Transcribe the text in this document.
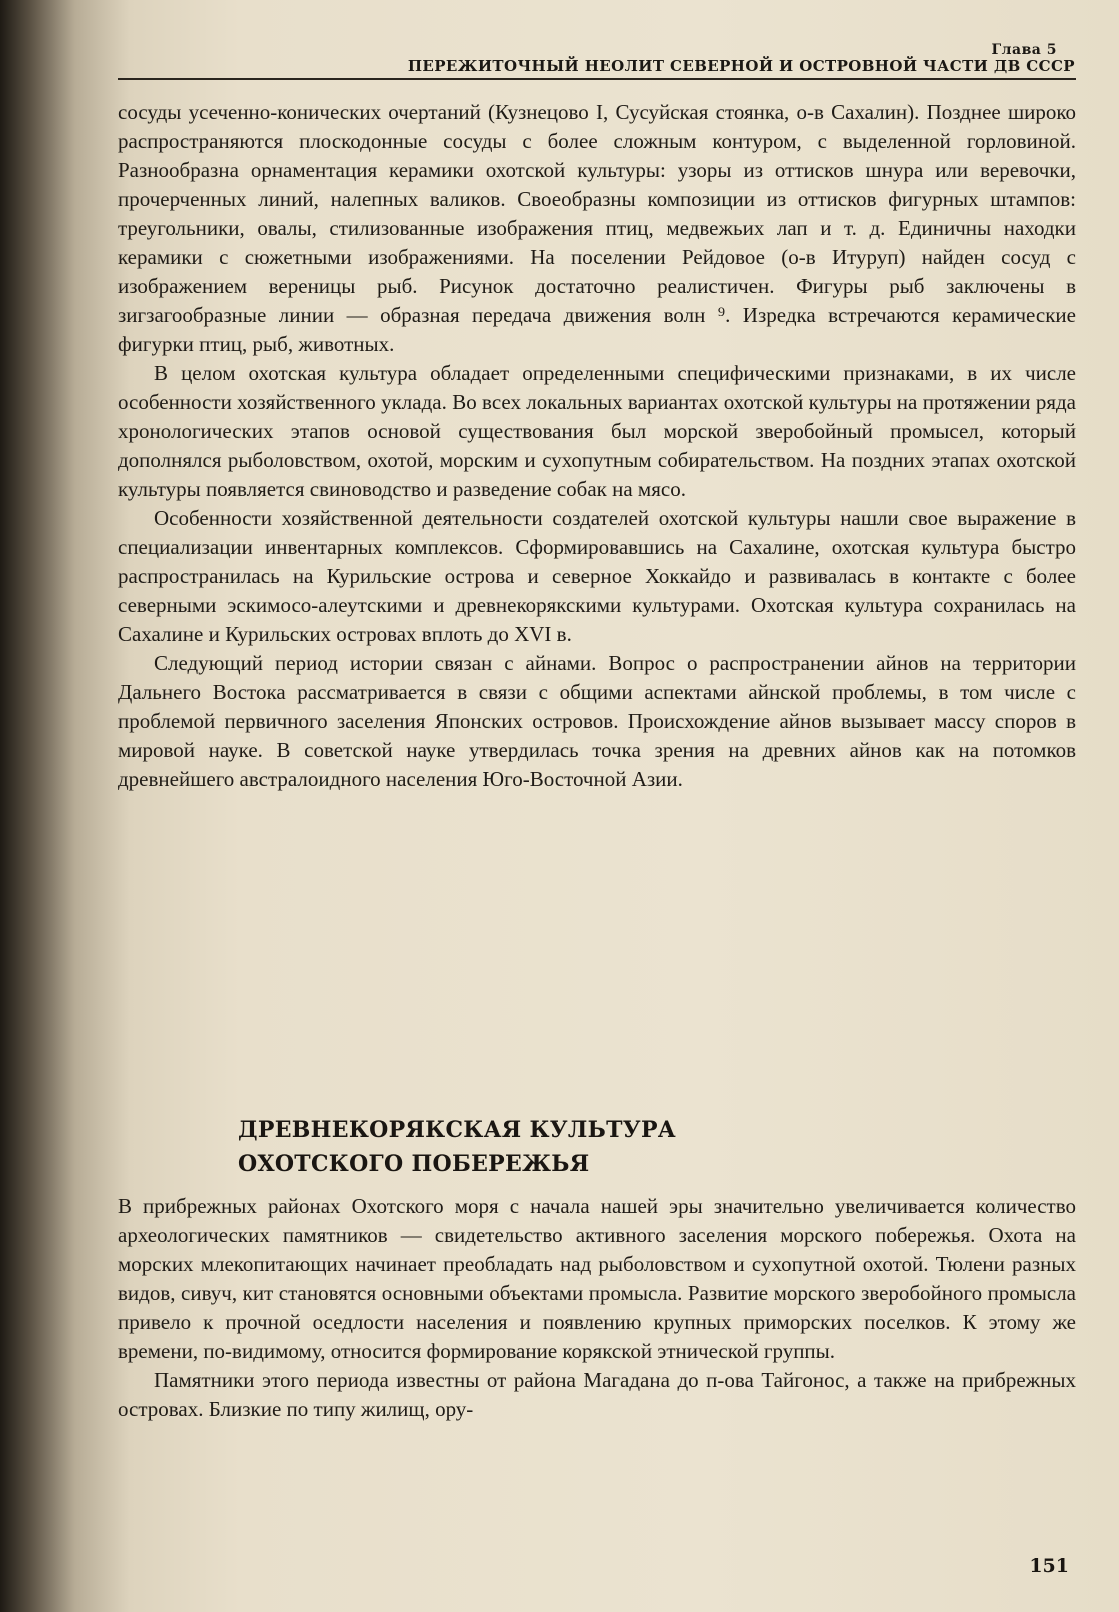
Глава 5
ПЕРЕЖИТОЧНЫЙ НЕОЛИТ СЕВЕРНОЙ И ОСТРОВНОЙ ЧАСТИ ДВ СССР

сосуды усеченно-конических очертаний (Кузнецово I, Сусуйская стоянка, о-в Сахалин). Позднее широко распространяются плоскодонные сосуды с более сложным контуром, с выделенной горловиной. Разнообразна орнаментация керамики охотской культуры: узоры из оттисков шнура или веревочки, прочерченных линий, налепных валиков. Своеобразны композиции из оттисков фигурных штампов: треугольники, овалы, стилизованные изображения птиц, медвежьих лап и т. д. Единичны находки керамики с сюжетными изображениями. На поселении Рейдовое (о-в Итуруп) найден сосуд с изображением вереницы рыб. Рисунок достаточно реалистичен. Фигуры рыб заключены в зигзагообразные линии — образная передача движения волн ⁹. Изредка встречаются керамические фигурки птиц, рыб, животных.

В целом охотская культура обладает определенными специфическими признаками, в их числе особенности хозяйственного уклада. Во всех локальных вариантах охотской культуры на протяжении ряда хронологических этапов основой существования был морской зверобойный промысел, который дополнялся рыболовством, охотой, морским и сухопутным собирательством. На поздних этапах охотской культуры появляется свиноводство и разведение собак на мясо.

Особенности хозяйственной деятельности создателей охотской культуры нашли свое выражение в специализации инвентарных комплексов. Сформировавшись на Сахалине, охотская культура быстро распространилась на Курильские острова и северное Хоккайдо и развивалась в контакте с более северными эскимосо-алеутскими и древнекорякскими культурами. Охотская культура сохранилась на Сахалине и Курильских островах вплоть до XVI в.

Следующий период истории связан с айнами. Вопрос о распространении айнов на территории Дальнего Востока рассматривается в связи с общими аспектами айнской проблемы, в том числе с проблемой первичного заселения Японских островов. Происхождение айнов вызывает массу споров в мировой науке. В советской науке утвердилась точка зрения на древних айнов как на потомков древнейшего австралоидного населения Юго-Восточной Азии.

ДРЕВНЕКОРЯКСКАЯ КУЛЬТУРА
ОХОТСКОГО ПОБЕРЕЖЬЯ

В прибрежных районах Охотского моря с начала нашей эры значительно увеличивается количество археологических памятников — свидетельство активного заселения морского побережья. Охота на морских млекопитающих начинает преобладать над рыболовством и сухопутной охотой. Тюлени разных видов, сивуч, кит становятся основными объектами промысла. Развитие морского зверобойного промысла привело к прочной оседлости населения и появлению крупных приморских поселков. К этому же времени, по-видимому, относится формирование корякской этнической группы.

Памятники этого периода известны от района Магадана до п-ова Тайгонос, а также на прибрежных островах. Близкие по типу жилищ, ору-

151
